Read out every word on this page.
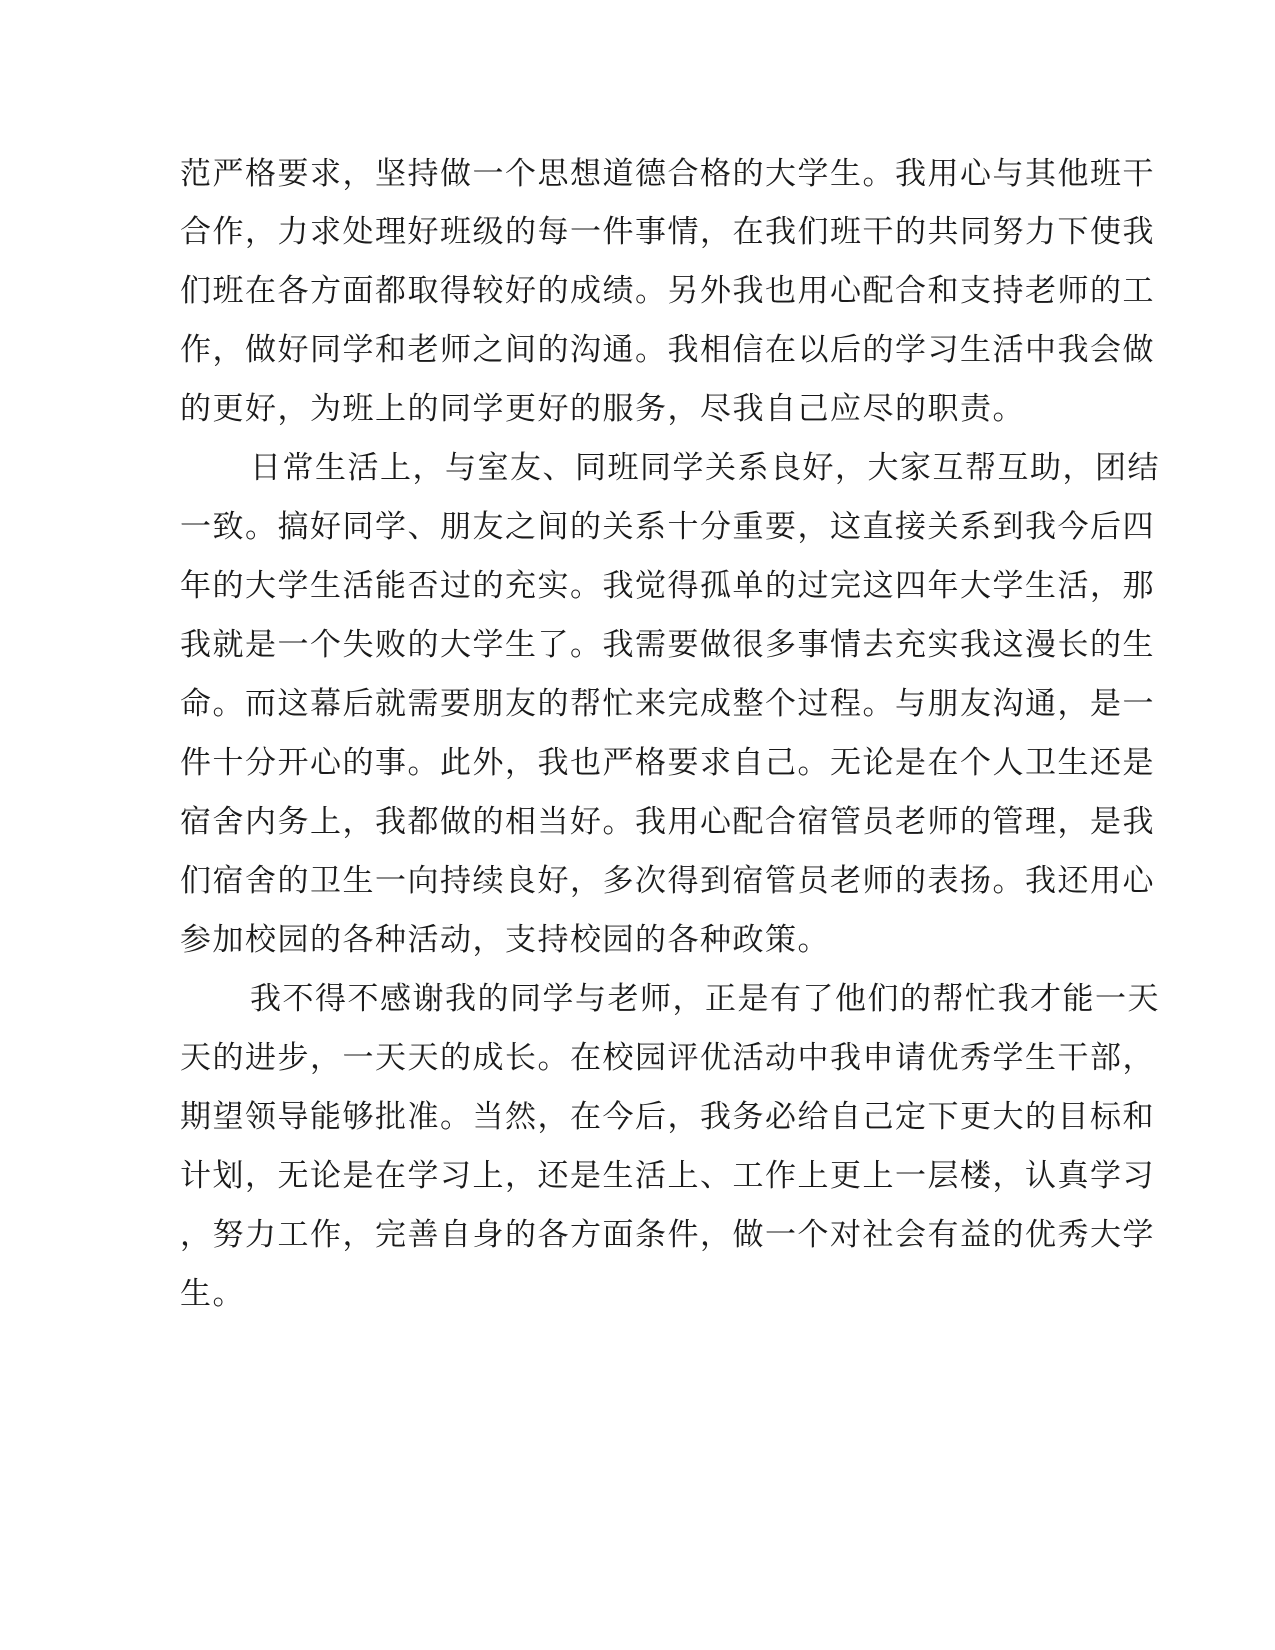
范严格要求，坚持做一个思想道德合格的大学生。我用心与其他班干
合作，力求处理好班级的每一件事情，在我们班干的共同努力下使我
们班在各方面都取得较好的成绩。另外我也用心配合和支持老师的工
作，做好同学和老师之间的沟通。我相信在以后的学习生活中我会做
的更好，为班上的同学更好的服务，尽我自己应尽的职责。
日常生活上，与室友、同班同学关系良好，大家互帮互助，团结
一致。搞好同学、朋友之间的关系十分重要，这直接关系到我今后四
年的大学生活能否过的充实。我觉得孤单的过完这四年大学生活，那
我就是一个失败的大学生了。我需要做很多事情去充实我这漫长的生
命。而这幕后就需要朋友的帮忙来完成整个过程。与朋友沟通，是一
件十分开心的事。此外，我也严格要求自己。无论是在个人卫生还是
宿舍内务上，我都做的相当好。我用心配合宿管员老师的管理，是我
们宿舍的卫生一向持续良好，多次得到宿管员老师的表扬。我还用心
参加校园的各种活动，支持校园的各种政策。
我不得不感谢我的同学与老师，正是有了他们的帮忙我才能一天
天的进步，一天天的成长。在校园评优活动中我申请优秀学生干部，
期望领导能够批准。当然，在今后，我务必给自己定下更大的目标和
计划，无论是在学习上，还是生活上、工作上更上一层楼，认真学习
，努力工作，完善自身的各方面条件，做一个对社会有益的优秀大学
生。
